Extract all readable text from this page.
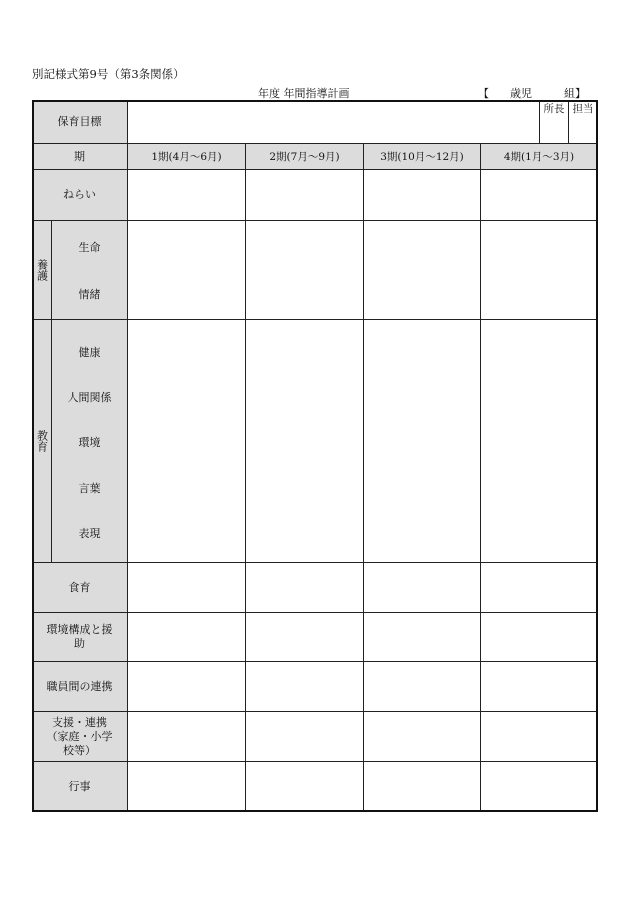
別記様式第9号（第3条関係）
年度 年間指導計画	【 歳児	組】
保育目標
所長 担当
期	1期(4月〜6月)	2期(7月〜9月)	3期(10月〜12月)	4期(1月〜3月)
ねらい
養護
生命
情緒
教育
健康
人間関係
環境
言葉
表現
食育
環境構成と援助
職員間の連携
支援・連携（家庭・小学校等）
行事
